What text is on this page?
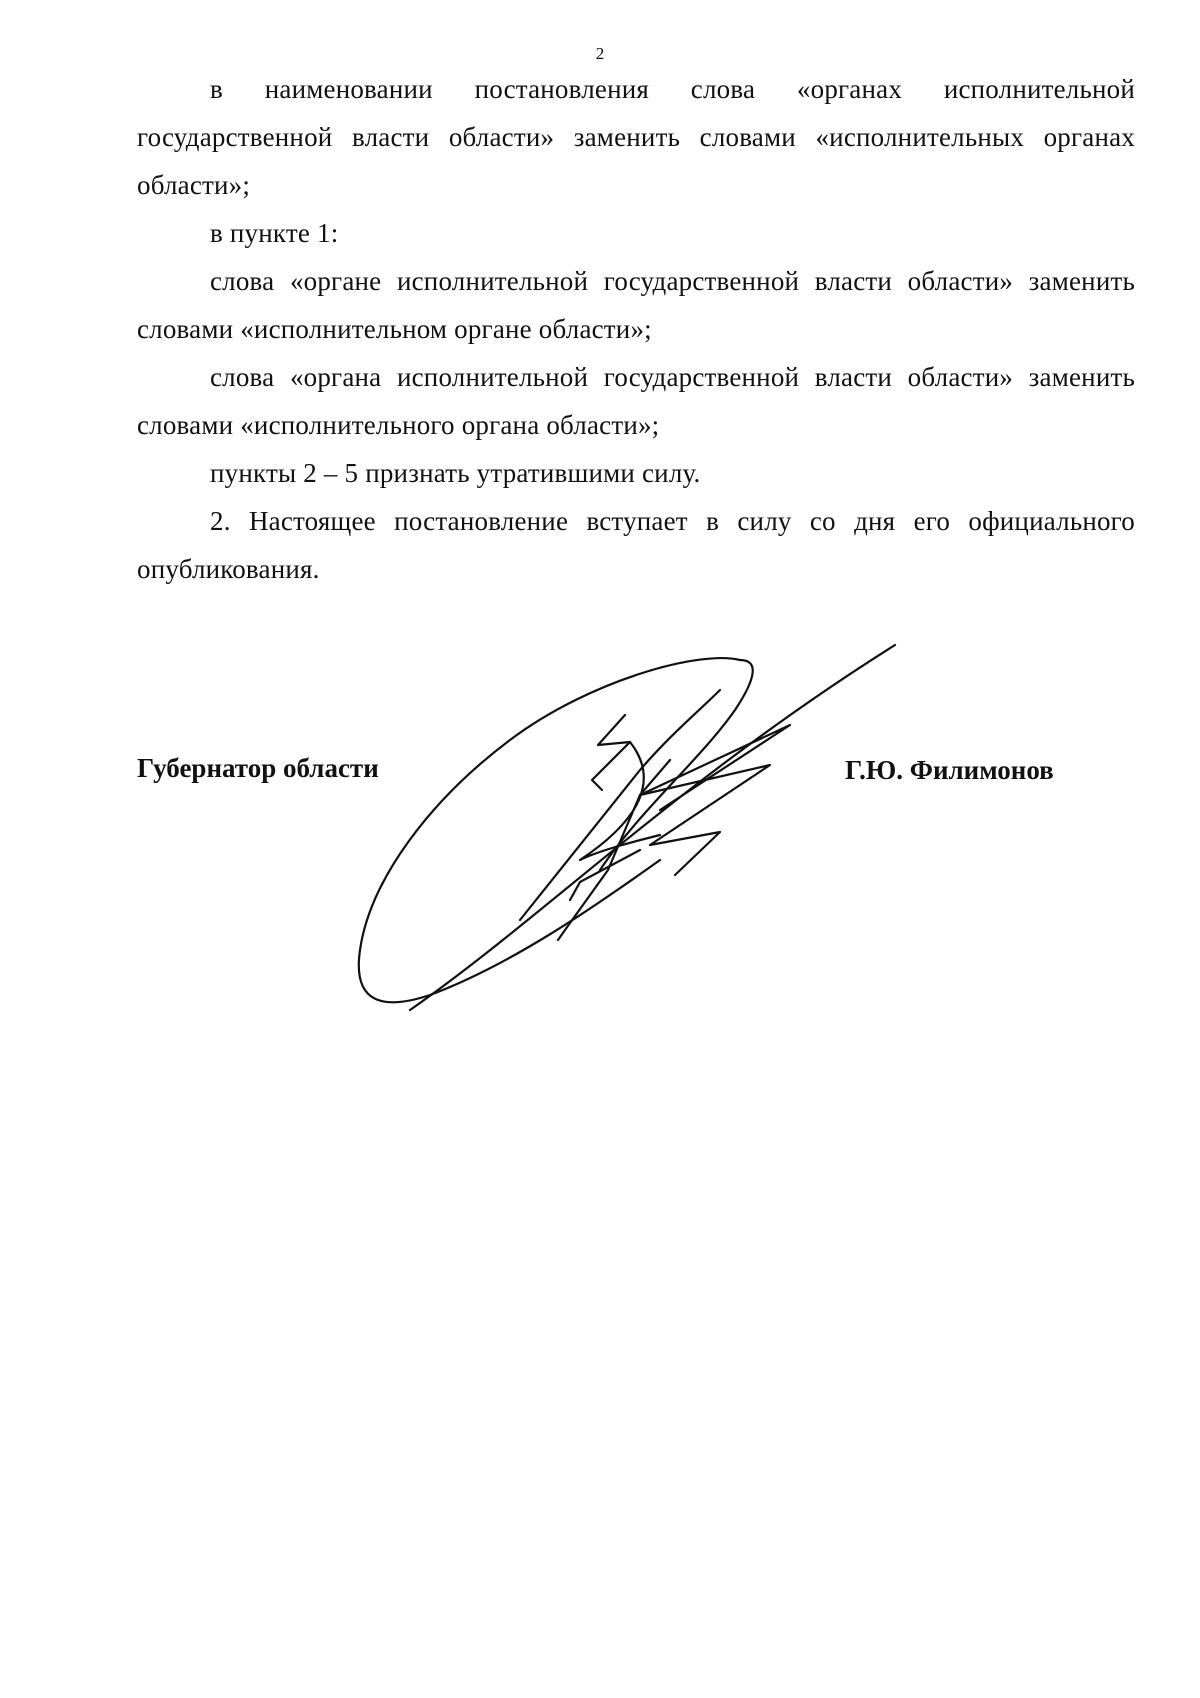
2

в наименовании постановления слова «органах исполнительной государственной власти области» заменить словами «исполнительных органах области»;

в пункте 1:

слова «органе исполнительной государственной власти области» заменить словами «исполнительном органе области»;

слова «органа исполнительной государственной власти области» заменить словами «исполнительного органа области»;

пункты 2 – 5 признать утратившими силу.

2. Настоящее постановление вступает в силу со дня его официального опубликования.

Губернатор области	Г.Ю. Филимонов
